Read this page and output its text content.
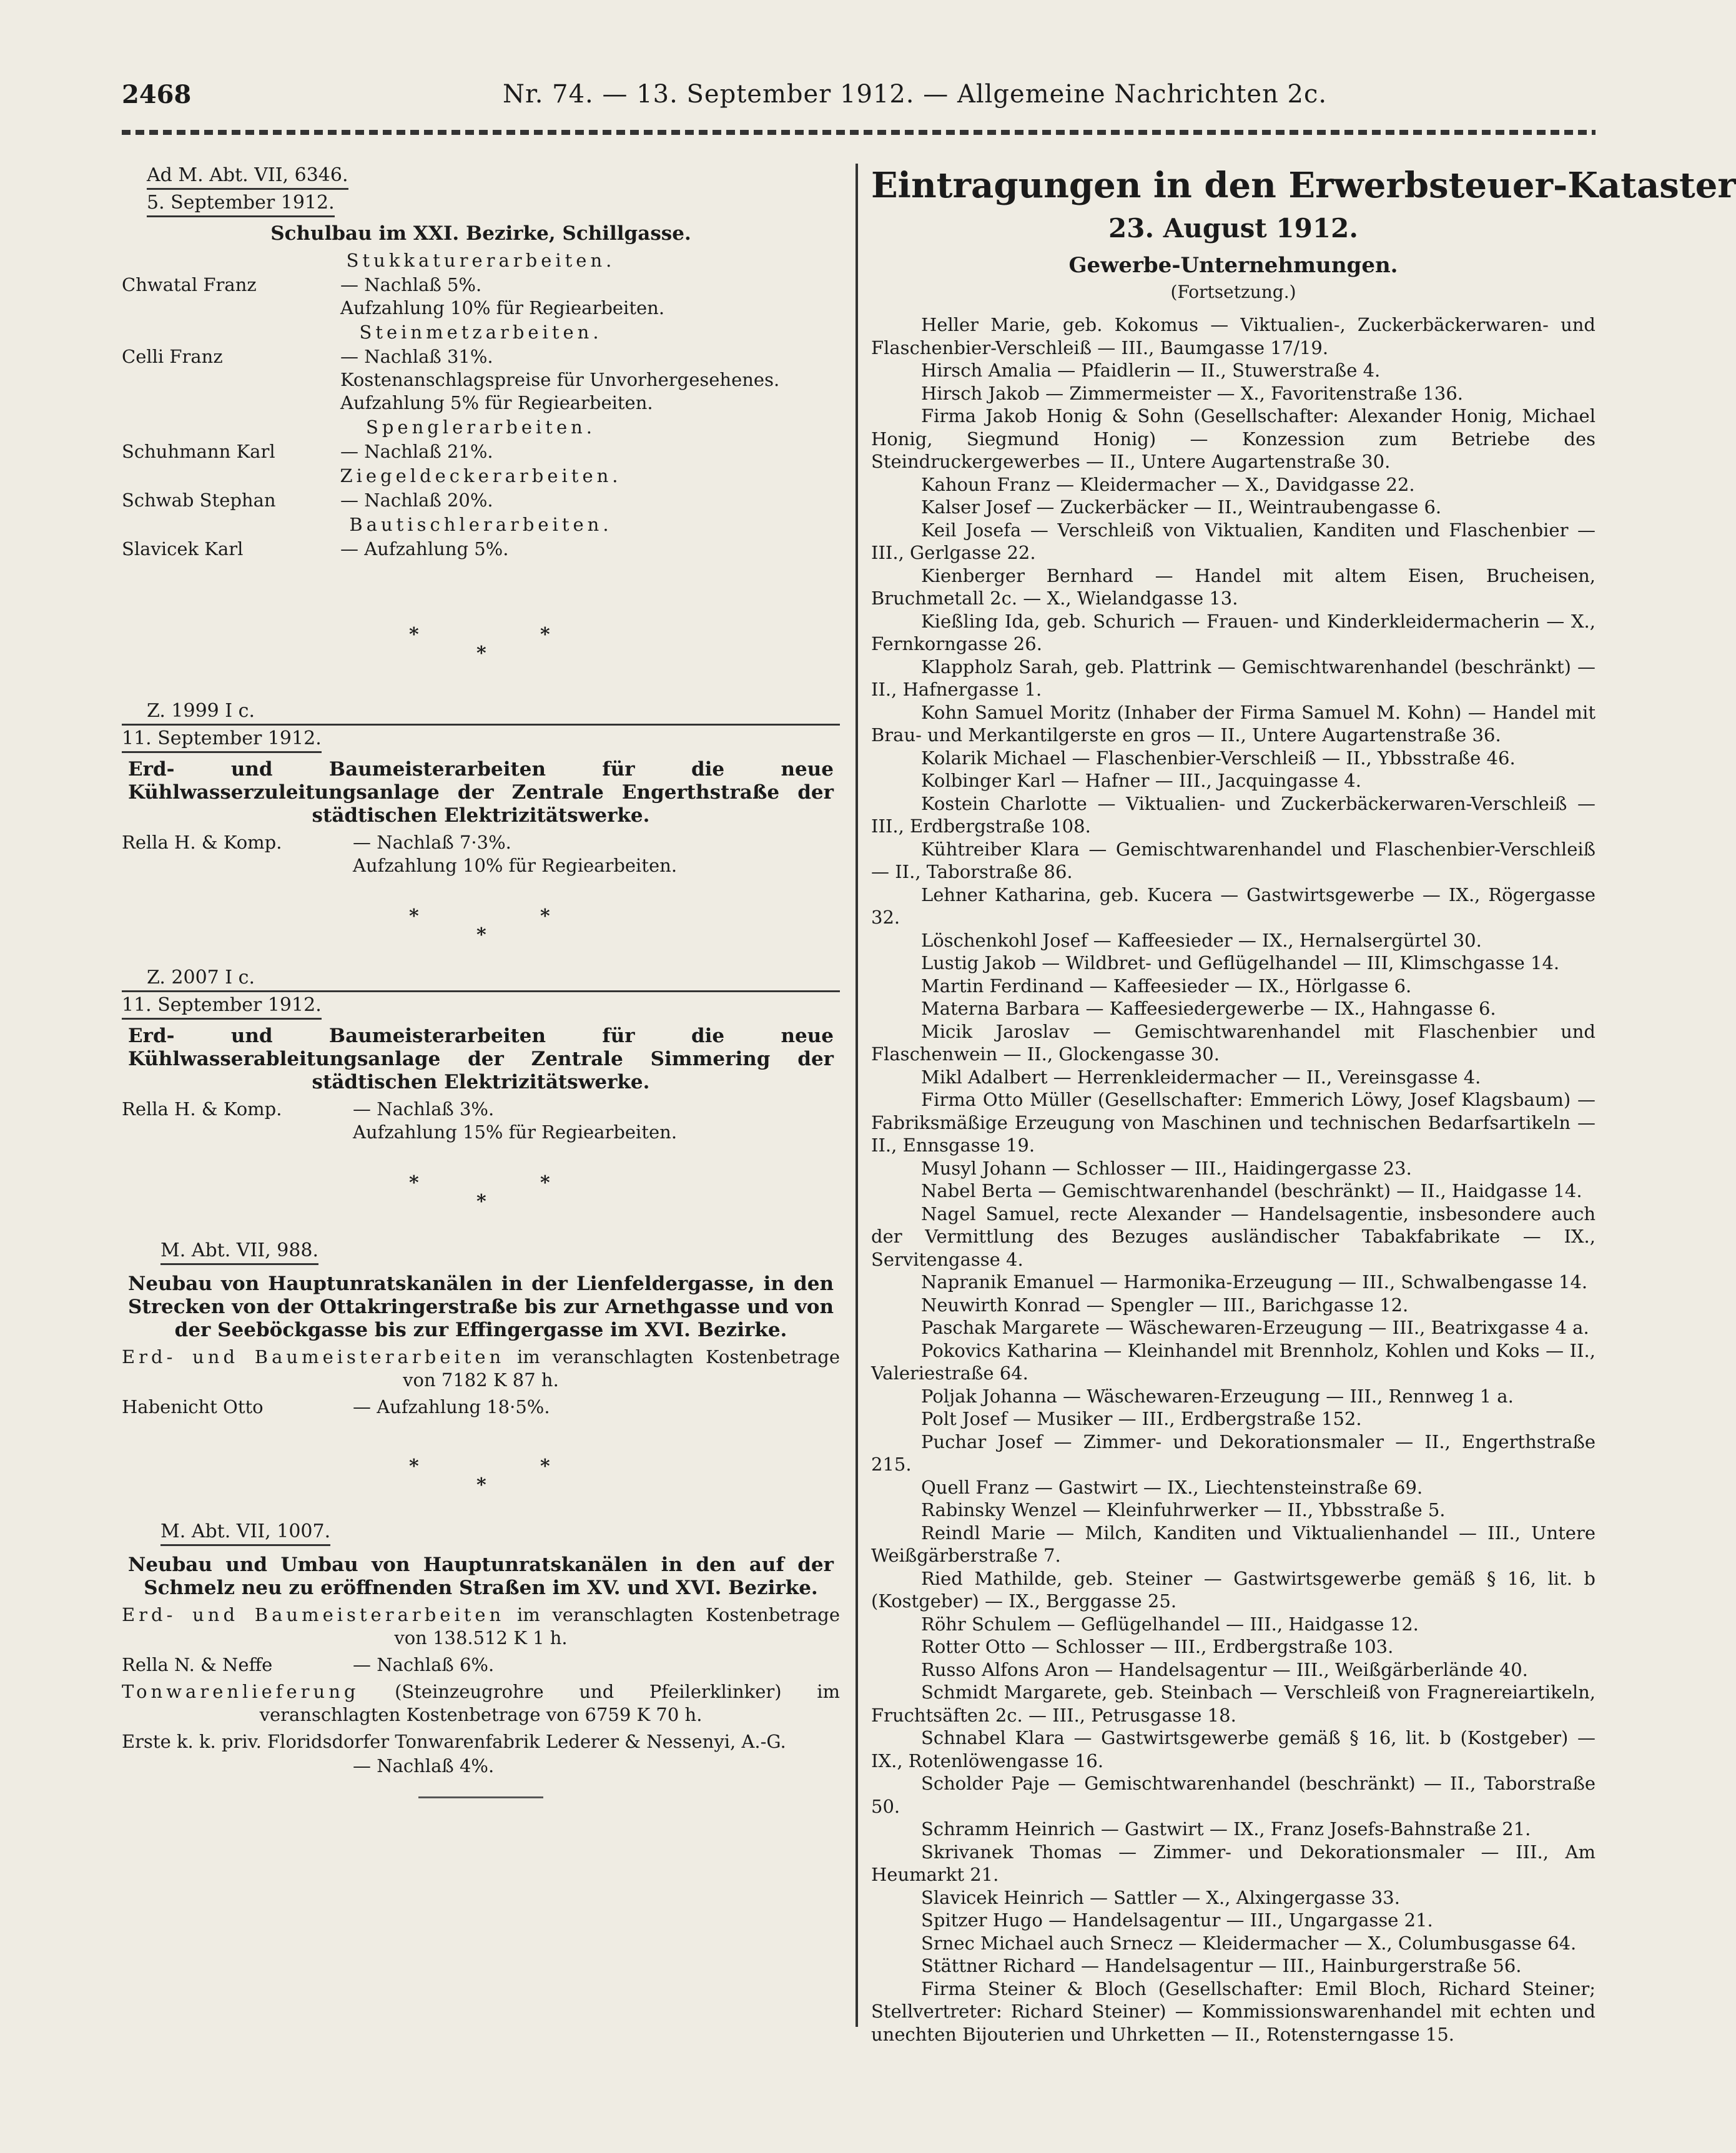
2468	Nr. 74. — 13. September 1912. — Allgemeine Nachrichten 2c.
Ad M. Abt. VII, 6346.
5. September 1912.
Schulbau im XXI. Bezirke, Schillgasse.
Stukkaturerarbeiten.
Chwatal Franz	— Nachlaß 5%.
Aufzahlung 10% für Regiearbeiten.
Steinmetzarbeiten.
Celli Franz	— Nachlaß 31%.
Kostenanschlagspreise für Unvorhergesehenes.
Aufzahlung 5% für Regiearbeiten.
Spenglerarbeiten.
Schuhmann Karl	— Nachlaß 21%.
Ziegeldeckerarbeiten.
Schwab Stephan	— Nachlaß 20%.
Bautischlerarbeiten.
Slavicek Karl	— Aufzahlung 5%.
*
*
*
Z. 1999 I c.
11. September 1912.
Erd- und Baumeisterarbeiten für die neue Kühlwasserzuleitungsanlage der Zentrale Engerthstraße der städtischen Elektrizitätswerke.
Rella H. & Komp.	— Nachlaß 7·3%.
Aufzahlung 10% für Regiearbeiten.
*
*
*
Z. 2007 I c.
11. September 1912.
Erd- und Baumeisterarbeiten für die neue Kühlwasserableitungsanlage der Zentrale Simmering der städtischen Elektrizitätswerke.
Rella H. & Komp.	— Nachlaß 3%.
Aufzahlung 15% für Regiearbeiten.
*
*
*
M. Abt. VII, 988.
Neubau von Hauptunratskanälen in der Lienfeldergasse, in den Strecken von der Ottakringerstraße bis zur Arnethgasse und von der Seeböckgasse bis zur Effingergasse im XVI. Bezirke.
Erd- und Baumeisterarbeiten im veranschlagten Kostenbetrage von 7182 K 87 h.
Habenicht Otto	— Aufzahlung 18·5%.
*
*
*
M. Abt. VII, 1007.
Neubau und Umbau von Hauptunratskanälen in den auf der Schmelz neu zu eröffnenden Straßen im XV. und XVI. Bezirke.
Erd- und Baumeisterarbeiten im veranschlagten Kostenbetrage von 138.512 K 1 h.
Rella N. & Neffe	— Nachlaß 6%.
Tonwarenlieferung (Steinzeugrohre und Pfeilerklinker) im veranschlagten Kostenbetrage von 6759 K 70 h.
Erste k. k. priv. Floridsdorfer Tonwarenfabrik Lederer & Nessenyi, A.-G.
— Nachlaß 4%.
Eintragungen in den Erwerbsteuer-Kataster
23. August 1912.
Gewerbe-Unternehmungen.
(Fortsetzung.)

Heller Marie, geb. Kokomus — Viktualien-, Zuckerbäckerwaren- und Flaschenbier-Verschleiß — III., Baumgasse 17/19.

Hirsch Amalia — Pfaidlerin — II., Stuwerstraße 4.

Hirsch Jakob — Zimmermeister — X., Favoritenstraße 136.

Firma Jakob Honig & Sohn (Gesellschafter: Alexander Honig, Michael Honig, Siegmund Honig) — Konzession zum Betriebe des Steindruckergewerbes — II., Untere Augartenstraße 30.

Kahoun Franz — Kleidermacher — X., Davidgasse 22.

Kalser Josef — Zuckerbäcker — II., Weintraubengasse 6.

Keil Josefa — Verschleiß von Viktualien, Kanditen und Flaschenbier — III., Gerlgasse 22.

Kienberger Bernhard — Handel mit altem Eisen, Brucheisen, Bruchmetall 2c. — X., Wielandgasse 13.

Kießling Ida, geb. Schurich — Frauen- und Kinderkleidermacherin — X., Fernkorngasse 26.

Klappholz Sarah, geb. Plattrink — Gemischtwarenhandel (beschränkt) — II., Hafnergasse 1.

Kohn Samuel Moritz (Inhaber der Firma Samuel M. Kohn) — Handel mit Brau- und Merkantilgerste en gros — II., Untere Augartenstraße 36.

Kolarik Michael — Flaschenbier-Verschleiß — II., Ybbsstraße 46.

Kolbinger Karl — Hafner — III., Jacquingasse 4.

Kostein Charlotte — Viktualien- und Zuckerbäckerwaren-Verschleiß — III., Erdbergstraße 108.

Kühtreiber Klara — Gemischtwarenhandel und Flaschenbier-Verschleiß — II., Taborstraße 86.

Lehner Katharina, geb. Kucera — Gastwirtsgewerbe — IX., Rögergasse 32.

Löschenkohl Josef — Kaffeesieder — IX., Hernalsergürtel 30.

Lustig Jakob — Wildbret- und Geflügelhandel — III, Klimschgasse 14.

Martin Ferdinand — Kaffeesieder — IX., Hörlgasse 6.

Materna Barbara — Kaffeesiedergewerbe — IX., Hahngasse 6.

Micik Jaroslav — Gemischtwarenhandel mit Flaschenbier und Flaschenwein — II., Glockengasse 30.

Mikl Adalbert — Herrenkleidermacher — II., Vereinsgasse 4.

Firma Otto Müller (Gesellschafter: Emmerich Löwy, Josef Klagsbaum) — Fabriksmäßige Erzeugung von Maschinen und technischen Bedarfsartikeln — II., Ennsgasse 19.

Musyl Johann — Schlosser — III., Haidingergasse 23.

Nabel Berta — Gemischtwarenhandel (beschränkt) — II., Haidgasse 14.

Nagel Samuel, recte Alexander — Handelsagentie, insbesondere auch der Vermittlung des Bezuges ausländischer Tabakfabrikate — IX., Servitengasse 4.

Napranik Emanuel — Harmonika-Erzeugung — III., Schwalbengasse 14.

Neuwirth Konrad — Spengler — III., Barichgasse 12.

Paschak Margarete — Wäschewaren-Erzeugung — III., Beatrixgasse 4 a.

Pokovics Katharina — Kleinhandel mit Brennholz, Kohlen und Koks — II., Valeriestraße 64.

Poljak Johanna — Wäschewaren-Erzeugung — III., Rennweg 1 a.

Polt Josef — Musiker — III., Erdbergstraße 152.

Puchar Josef — Zimmer- und Dekorationsmaler — II., Engerthstraße 215.

Quell Franz — Gastwirt — IX., Liechtensteinstraße 69.

Rabinsky Wenzel — Kleinfuhrwerker — II., Ybbsstraße 5.

Reindl Marie — Milch, Kanditen und Viktualienhandel — III., Untere Weißgärberstraße 7.

Ried Mathilde, geb. Steiner — Gastwirtsgewerbe gemäß § 16, lit. b (Kostgeber) — IX., Berggasse 25.

Röhr Schulem — Geflügelhandel — III., Haidgasse 12.

Rotter Otto — Schlosser — III., Erdbergstraße 103.

Russo Alfons Aron — Handelsagentur — III., Weißgärberlände 40.

Schmidt Margarete, geb. Steinbach — Verschleiß von Fragnereiartikeln, Fruchtsäften 2c. — III., Petrusgasse 18.

Schnabel Klara — Gastwirtsgewerbe gemäß § 16, lit. b (Kostgeber) — IX., Rotenlöwengasse 16.

Scholder Paje — Gemischtwarenhandel (beschränkt) — II., Taborstraße 50.

Schramm Heinrich — Gastwirt — IX., Franz Josefs-Bahnstraße 21.

Skrivanek Thomas — Zimmer- und Dekorationsmaler — III., Am Heumarkt 21.

Slavicek Heinrich — Sattler — X., Alxingergasse 33.

Spitzer Hugo — Handelsagentur — III., Ungargasse 21.

Srnec Michael auch Srnecz — Kleidermacher — X., Columbusgasse 64.

Stättner Richard — Handelsagentur — III., Hainburgerstraße 56.

Firma Steiner & Bloch (Gesellschafter: Emil Bloch, Richard Steiner; Stellvertreter: Richard Steiner) — Kommissionswarenhandel mit echten und unechten Bijouterien und Uhrketten — II., Rotensterngasse 15.
